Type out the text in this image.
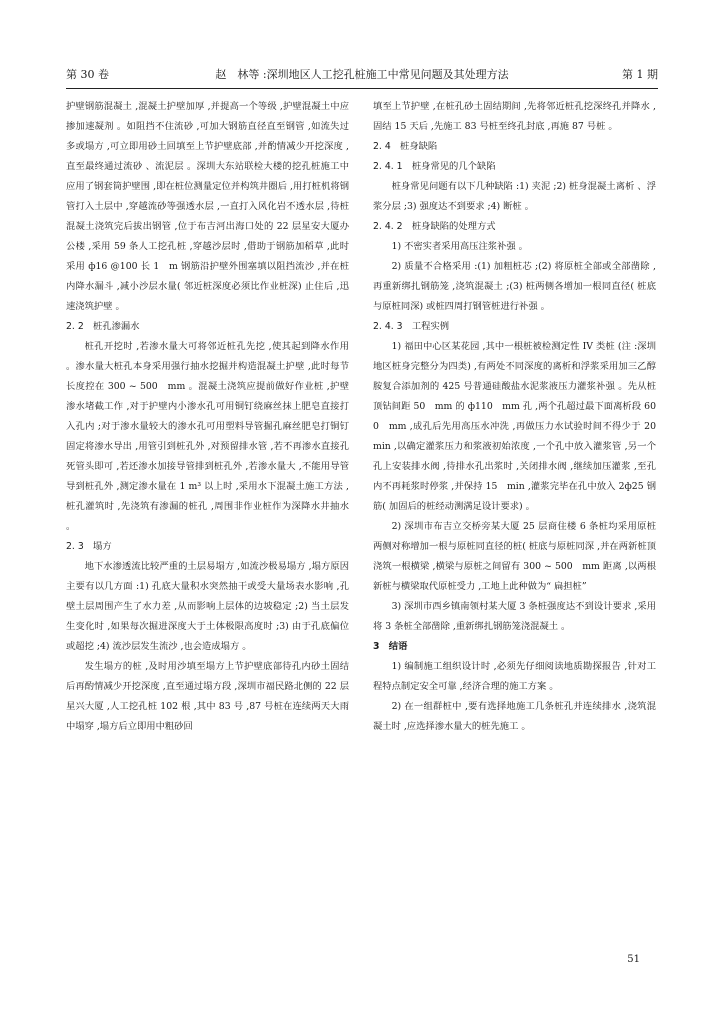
第 30 卷	赵　林等 :深圳地区人工挖孔桩施工中常见问题及其处理方法	第 1 期

护壁钢筋混凝土 ,混凝土护壁加厚 ,并提高一个等级 ,护壁混凝土中应掺加速凝剂 。如阻挡不住流砂 ,可加大钢筋直径直至钢管 ,如流失过多或塌方 ,可立即用砂土回填至上节护壁底部 ,并酌情减少开挖深度 ,直至最终通过流砂 、流泥层 。深圳大东站联检大楼的挖孔桩施工中应用了钢套筒护壁围 ,即在桩位测量定位并构筑井圈后 ,用打桩机将钢管打入土层中 ,穿越流砂等强透水层 ,一直打入风化岩不透水层 ,待桩混凝土浇筑完后拔出钢管 ,位于布吉河出海口处的 22 层星安大厦办公楼 ,采用 59 条人工挖孔桩 ,穿越沙层时 ,借助于钢筋加稻草 ,此时采用 ф16 @100 长 1　m 钢筋沿护壁外围塞填以阻挡流沙 ,并在桩内降水漏斗 ,减小沙层水量( 邻近桩深度必须比作业桩深) 止住后 ,迅速浇筑护壁 。

2. 2　桩孔渗漏水

桩孔开挖时 ,若渗水量大可将邻近桩孔先挖 ,使其起到降水作用 。渗水量大桩孔本身采用强行抽水挖掘并构造混凝土护壁 ,此时每节长度控在 300 ~ 500　mm 。混凝土浇筑应提前做好作业桩 ,护壁渗水堵截工作 ,对于护壁内小渗水孔可用铜钉绕麻丝抹上肥皂直接打入孔内 ;对于渗水量较大的渗水孔可用塑料导管掘孔麻丝肥皂打铜钉固定将渗水导出 ,用管引到桩孔外 ,对预留排水管 ,若不再渗水直接孔死管头即可 ,若还渗水加接导管排到桩孔外 ,若渗水量大 ,不能用导管导到桩孔外 ,测定渗水量在 1 m³ 以上时 ,采用水下混凝土施工方法 ,桩孔灌筑时 ,先浇筑有渗漏的桩孔 ,周围非作业桩作为深降水井抽水 。

2. 3　塌方

地下水渗透流比较严重的土层易塌方 ,如流沙极易塌方 ,塌方原因主要有以几方面 :1) 孔底大量积水突然抽干或受大量场表水影响 ,孔壁土层周围产生了水力差 ,从而影响上层体的边坡稳定 ;2) 当土层发生变化时 ,如果每次掘进深度大于土体极限高度时 ;3) 由于孔底偏位或超挖 ;4) 流沙层发生流沙 ,也会造成塌方 。

发生塌方的桩 ,及时用沙填至塌方上节护壁底部待孔内砂土固结后再酌情减少开挖深度 ,直至通过塌方段 ,深圳市福民路北侧的 22 层星兴大厦 ,人工挖孔桩 102 根 ,其中 83 号 ,87 号桩在连续两天大雨中塌穿 ,塌方后立即用中粗砂回

填至上节护壁 ,在桩孔砂土固结期间 ,先将邻近桩孔挖深终孔并降水 ,固结 15 天后 ,先施工 83 号桩至终孔封底 ,再施 87 号桩 。

2. 4　桩身缺陷

2. 4. 1　桩身常见的几个缺陷

桩身常见问题有以下几种缺陷 :1) 夹泥 ;2) 桩身混凝土离析 、浮浆分层 ;3) 强度达不到要求 ;4) 断桩 。

2. 4. 2　桩身缺陷的处理方式

1) 不密实者采用高压注浆补强 。

2) 质量不合格采用 :(1) 加粗桩芯 ;(2) 将原桩全部或全部凿除 ,再重新绑扎钢筋笼 ,浇筑混凝土 ;(3) 桩两侧各增加一根同直径( 桩底与原桩同深) 或桩四周打钢管桩进行补强 。

2. 4. 3　工程实例

1) 福田中心区某花园 ,其中一根桩被检测定性 IV 类桩 (注 :深圳地区桩身完整分为四类) ,有两处不同深度的离析和浮浆采用加三乙醇胺复合添加剂的 425 号普通硅酸盐水泥浆液压力灌浆补强 。先从桩顶钻间距 50　mm 的 ф110　mm 孔 ,两个孔超过最下面离析段 600　mm ,成孔后先用高压水冲洗 ,再做压力水试验时间不得少于 20　min ,以确定灌浆压力和浆液初始浓度 ,一个孔中放入灌浆管 ,另一个孔上安装排水阀 ,待排水孔出浆时 ,关闭排水阀 ,继续加压灌浆 ,至孔内不再耗浆时停浆 ,并保持 15　min ,灌浆完毕在孔中放入 2ф25 钢筋( 加固后的桩经动测满足设计要求) 。

2) 深圳市布吉立交桥旁某大厦 25 层商住楼 6 条桩均采用原桩两侧对称增加一根与原桩同直径的桩( 桩底与原桩同深 ,并在两新桩顶浇筑一根横梁 ,横梁与原桩之间留有 300 ~ 500　mm 距离 ,以两根新桩与横梁取代原桩受力 ,工地上此种做为“ 扁担桩”

3) 深圳市西乡镇南领村某大厦 3 条桩强度达不到设计要求 ,采用将 3 条桩全部凿除 ,重新绑扎钢筋笼浇混凝土 。

3　结语

1) 编制施工组织设计时 ,必须先仔细阅读地质勘探报告 ,针对工程特点制定安全可靠 ,经济合理的施工方案 。

2) 在一组群桩中 ,要有选择地施工几条桩孔并连续排水 ,浇筑混凝土时 ,应选择渗水量大的桩先施工 。

51
